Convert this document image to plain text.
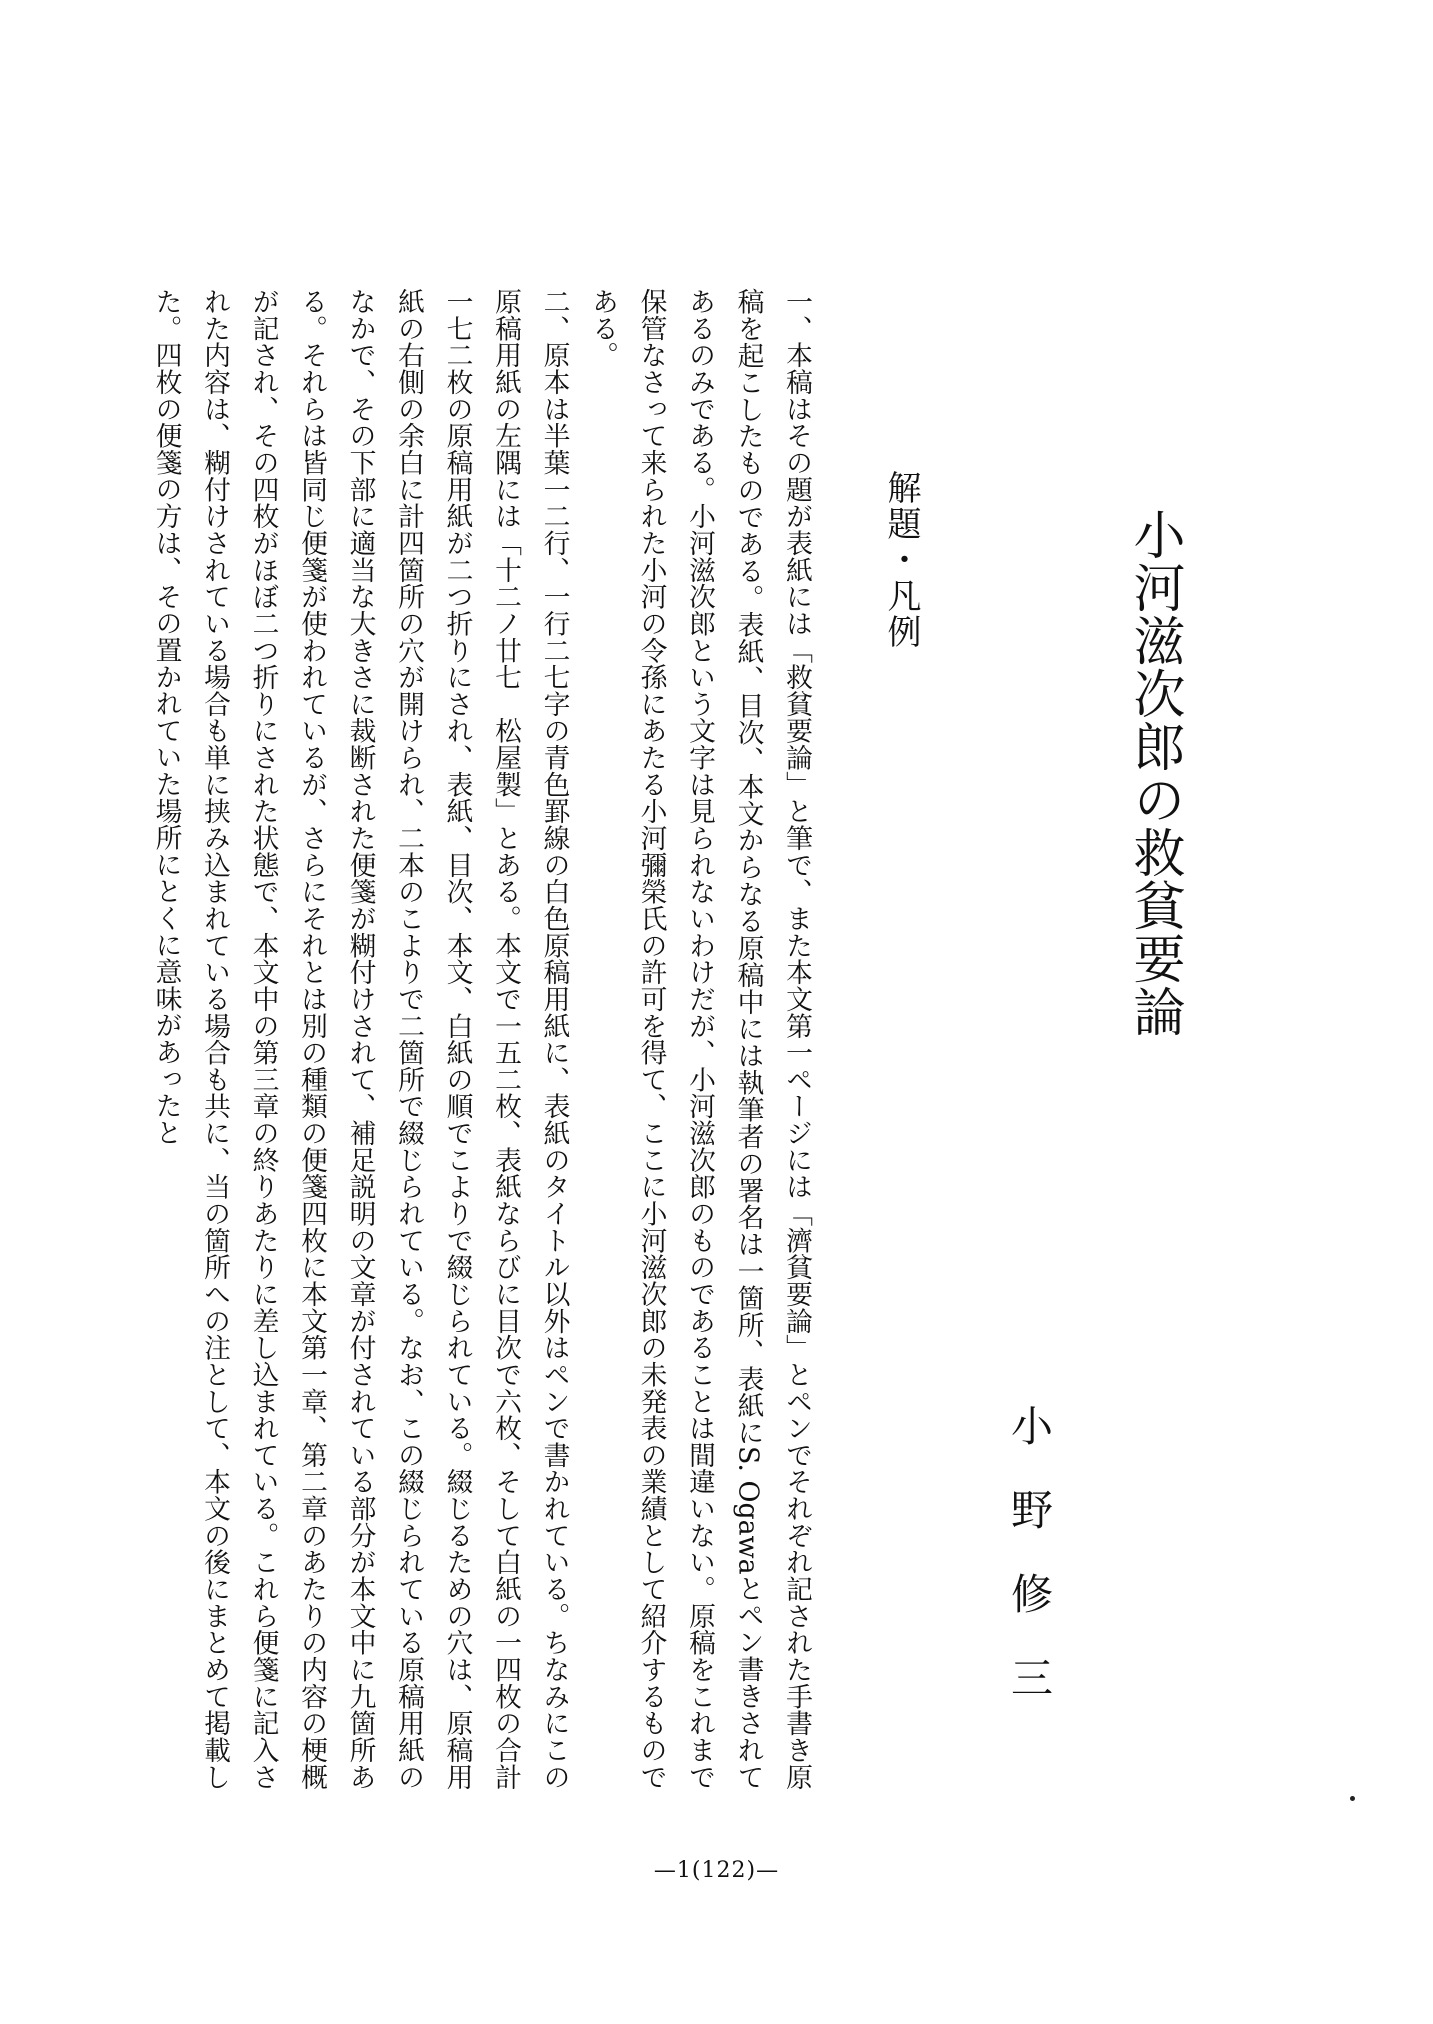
小河滋次郎の救貧要論
小野修三
解題・凡例

一、本稿はその題が表紙には「救貧要論」と筆で、また本文第一ページには「濟貧要論」とペンでそれぞれ記された手書き原稿を起こしたものである。表紙、目次、本文からなる原稿中には執筆者の署名は一箇所、表紙にS. Ogawaとペン書きされてあるのみである。小河滋次郎という文字は見られないわけだが、小河滋次郎のものであることは間違いない。原稿をこれまで保管なさって来られた小河の令孫にあたる小河彌榮氏の許可を得て、ここに小河滋次郎の未発表の業績として紹介するものである。

二、原本は半葉一二行、一行二七字の青色罫線の白色原稿用紙に、表紙のタイトル以外はペンで書かれている。ちなみにこの原稿用紙の左隅には「十二ノ廿七　松屋製」とある。本文で一五二枚、表紙ならびに目次で六枚、そして白紙の一四枚の合計一七二枚の原稿用紙が二つ折りにされ、表紙、目次、本文、白紙の順でこよりで綴じられている。綴じるための穴は、原稿用紙の右側の余白に計四箇所の穴が開けられ、二本のこよりで二箇所で綴じられている。なお、この綴じられている原稿用紙のなかで、その下部に適当な大きさに裁断された便箋が糊付けされて、補足説明の文章が付されている部分が本文中に九箇所ある。それらは皆同じ便箋が使われているが、さらにそれとは別の種類の便箋四枚に本文第一章、第二章のあたりの内容の梗概が記され、その四枚がほぼ二つ折りにされた状態で、本文中の第三章の終りあたりに差し込まれている。これら便箋に記入された内容は、糊付けされている場合も単に挟み込まれている場合も共に、当の箇所への注として、本文の後にまとめて掲載した。四枚の便箋の方は、その置かれていた場所にとくに意味があったと

—1(122)—
